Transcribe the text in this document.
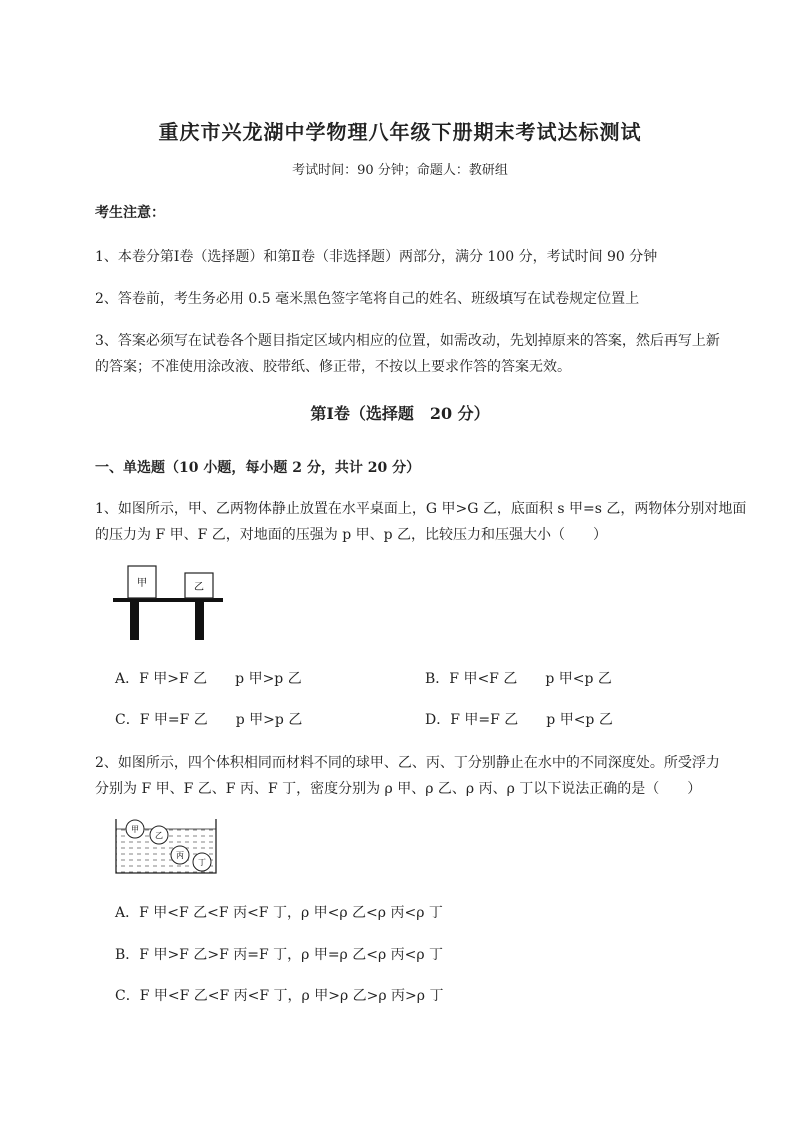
重庆市兴龙湖中学物理八年级下册期末考试达标测试
考试时间：90 分钟；命题人：教研组
考生注意：
1、本卷分第Ⅰ卷（选择题）和第Ⅱ卷（非选择题）两部分，满分 100 分，考试时间 90 分钟
2、答卷前，考生务必用 0.5 毫米黑色签字笔将自己的姓名、班级填写在试卷规定位置上
3、答案必须写在试卷各个题目指定区域内相应的位置，如需改动，先划掉原来的答案，然后再写上新
的答案；不准使用涂改液、胶带纸、修正带，不按以上要求作答的答案无效。
第Ⅰ卷（选择题　20 分）
一、单选题（10 小题，每小题 2 分，共计 20 分）
1、如图所示，甲、乙两物体静止放置在水平桌面上，G 甲>G 乙，底面积 s 甲=s 乙，两物体分别对地面
的压力为 F 甲、F 乙，对地面的压强为 p 甲、p 乙，比较压力和压强大小（　　）
甲	乙
A．F 甲>F 乙　　p 甲>p 乙	B．F 甲<F 乙　　p 甲<p 乙
C．F 甲=F 乙　　p 甲>p 乙	D．F 甲=F 乙　　p 甲<p 乙
2、如图所示，四个体积相同而材料不同的球甲、乙、丙、丁分别静止在水中的不同深度处。所受浮力
分别为 F 甲、F 乙、F 丙、F 丁，密度分别为 ρ 甲、ρ 乙、ρ 丙、ρ 丁以下说法正确的是（　　）
甲
乙
丙
丁
A．F 甲<F 乙<F 丙<F 丁，ρ 甲<ρ 乙<ρ 丙<ρ 丁
B．F 甲>F 乙>F 丙=F 丁，ρ 甲=ρ 乙<ρ 丙<ρ 丁
C．F 甲<F 乙<F 丙<F 丁，ρ 甲>ρ 乙>ρ 丙>ρ 丁
